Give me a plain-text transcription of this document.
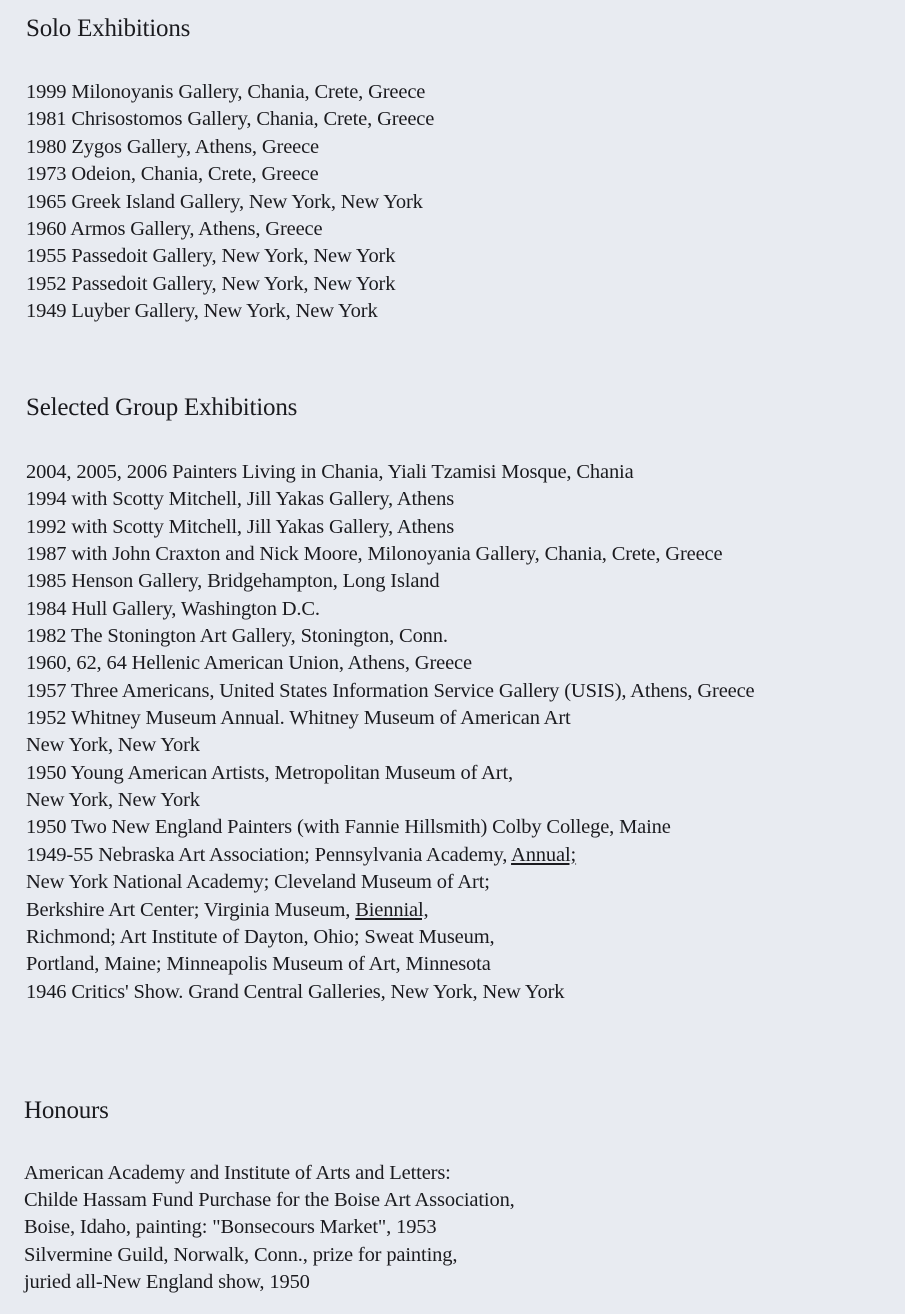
Solo Exhibitions
1999 Milonoyanis Gallery, Chania, Crete, Greece
1981 Chrisostomos Gallery, Chania, Crete, Greece
1980 Zygos Gallery, Athens, Greece
1973 Odeion, Chania, Crete, Greece
1965 Greek Island Gallery, New York, New York
1960 Armos Gallery, Athens, Greece
1955 Passedoit Gallery, New York, New York
1952 Passedoit Gallery, New York, New York
1949 Luyber Gallery, New York, New York
Selected Group Exhibitions
2004, 2005, 2006 Painters Living in Chania, Yiali Tzamisi Mosque, Chania
1994 with Scotty Mitchell, Jill Yakas Gallery, Athens
1992 with Scotty Mitchell, Jill Yakas Gallery, Athens
1987 with John Craxton and Nick Moore, Milonoyania Gallery, Chania, Crete, Greece
1985 Henson Gallery, Bridgehampton, Long Island
1984 Hull Gallery, Washington D.C.
1982 The Stonington Art Gallery, Stonington, Conn.
1960, 62, 64 Hellenic American Union, Athens, Greece
1957 Three Americans, United States Information Service Gallery (USIS), Athens, Greece
1952 Whitney Museum Annual. Whitney Museum of American Art
New York, New York
1950 Young American Artists, Metropolitan Museum of Art,
New York, New York
1950 Two New England Painters (with Fannie Hillsmith) Colby College, Maine
1949-55 Nebraska Art Association; Pennsylvania Academy, Annual;
New York National Academy; Cleveland Museum of Art;
Berkshire Art Center; Virginia Museum, Biennial,
Richmond; Art Institute of Dayton, Ohio; Sweat Museum,
Portland, Maine; Minneapolis Museum of Art, Minnesota
1946 Critics' Show. Grand Central Galleries, New York, New York
Honours
American Academy and Institute of Arts and Letters:
Childe Hassam Fund Purchase for the Boise Art Association,
Boise, Idaho, painting: "Bonsecours Market", 1953
Silvermine Guild, Norwalk, Conn., prize for painting,
juried all-New England show, 1950
